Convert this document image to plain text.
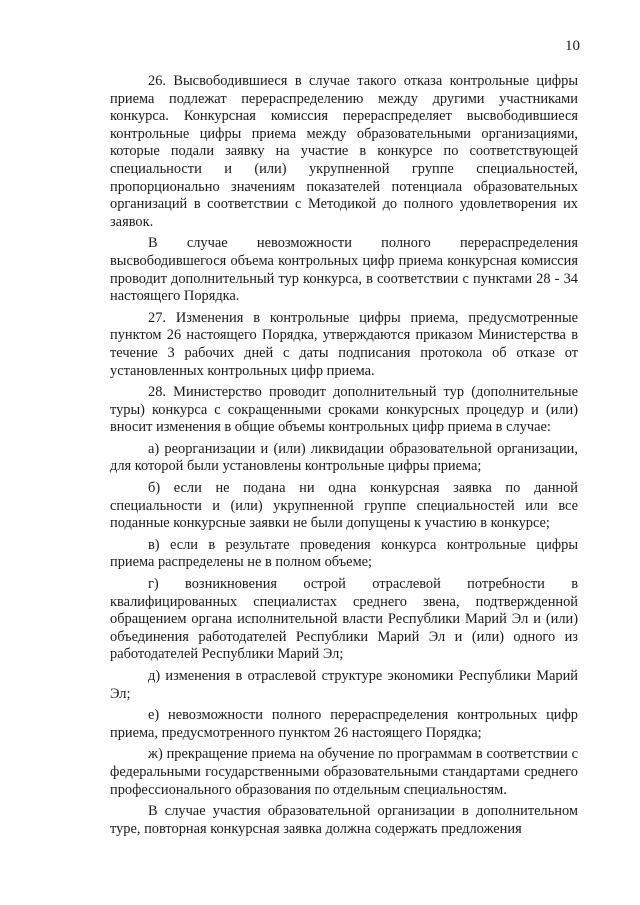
10

26. Высвободившиеся в случае такого отказа контрольные цифры приема подлежат перераспределению между другими участниками конкурса. Конкурсная комиссия перераспределяет высвободившиеся контрольные цифры приема между образовательными организациями, которые подали заявку на участие в конкурсе по соответствующей специальности и (или) укрупненной группе специальностей, пропорционально значениям показателей потенциала образовательных организаций в соответствии с Методикой до полного удовлетворения их заявок.

В случае невозможности полного перераспределения высвободившегося объема контрольных цифр приема конкурсная комиссия проводит дополнительный тур конкурса, в соответствии с пунктами 28 - 34 настоящего Порядка.

27. Изменения в контрольные цифры приема, предусмотренные пунктом 26 настоящего Порядка, утверждаются приказом Министерства в течение 3 рабочих дней с даты подписания протокола об отказе от установленных контрольных цифр приема.

28. Министерство проводит дополнительный тур (дополнительные туры) конкурса с сокращенными сроками конкурсных процедур и (или) вносит изменения в общие объемы контрольных цифр приема в случае:

а) реорганизации и (или) ликвидации образовательной организации, для которой были установлены контрольные цифры приема;

б) если не подана ни одна конкурсная заявка по данной специальности и (или) укрупненной группе специальностей или все поданные конкурсные заявки не были допущены к участию в конкурсе;

в) если в результате проведения конкурса контрольные цифры приема распределены не в полном объеме;

г) возникновения острой отраслевой потребности в квалифицированных специалистах среднего звена, подтвержденной обращением органа исполнительной власти Республики Марий Эл и (или) объединения работодателей Республики Марий Эл и (или) одного из работодателей Республики Марий Эл;

д) изменения в отраслевой структуре экономики Республики Марий Эл;

е) невозможности полного перераспределения контрольных цифр приема, предусмотренного пунктом 26 настоящего Порядка;

ж) прекращение приема на обучение по программам в соответствии с федеральными государственными образовательными стандартами среднего профессионального образования по отдельным специальностям.

В случае участия образовательной организации в дополнительном туре, повторная конкурсная заявка должна содержать предложения
